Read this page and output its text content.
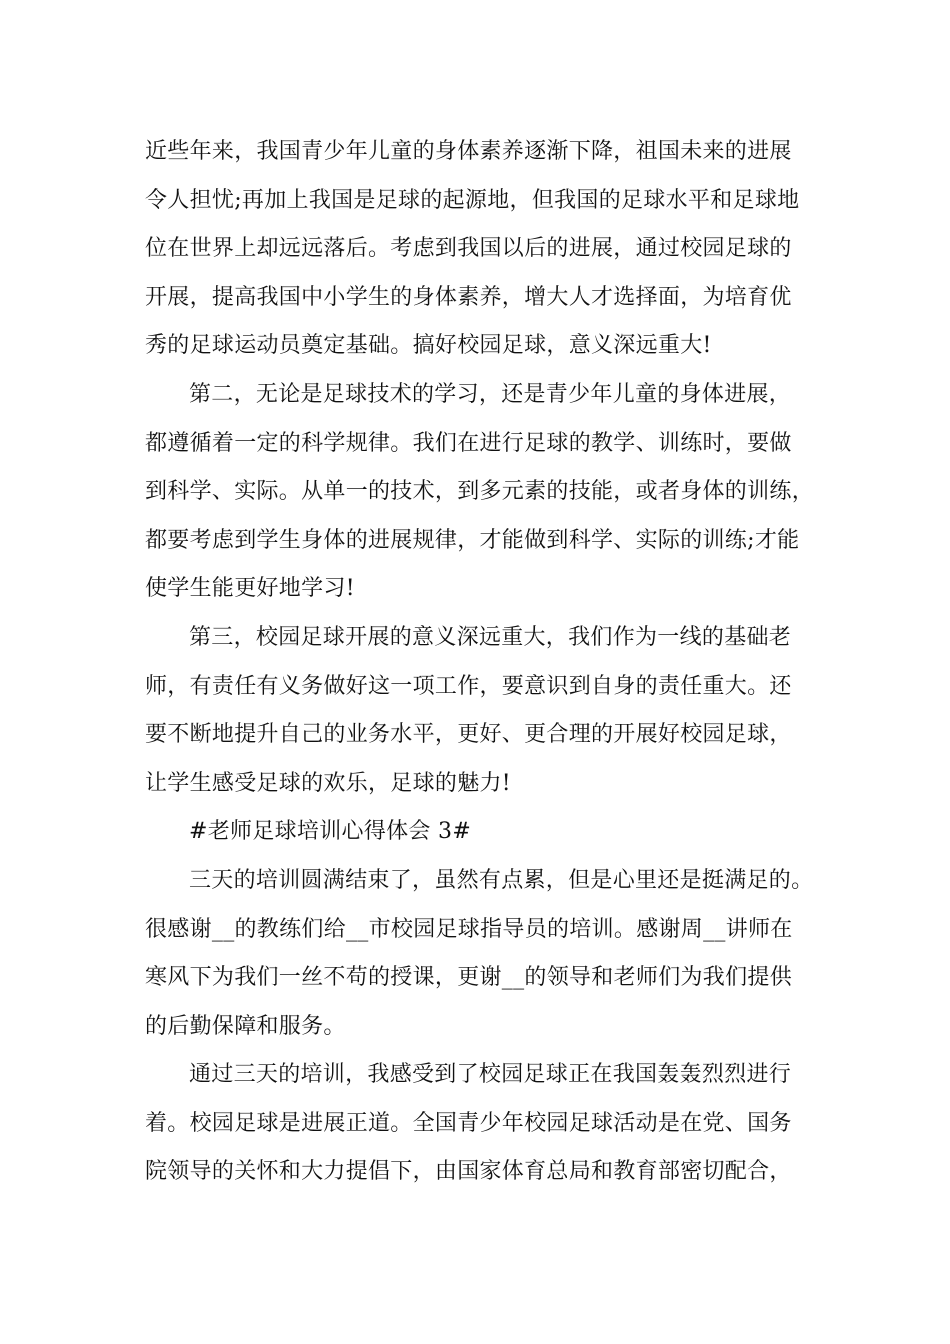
近些年来，我国青少年儿童的身体素养逐渐下降，祖国未来的进展
令人担忧;再加上我国是足球的起源地，但我国的足球水平和足球地
位在世界上却远远落后。考虑到我国以后的进展，通过校园足球的
开展，提高我国中小学生的身体素养，增大人才选择面，为培育优
秀的足球运动员奠定基础。搞好校园足球，意义深远重大!
第二，无论是足球技术的学习，还是青少年儿童的身体进展，
都遵循着一定的科学规律。我们在进行足球的教学、训练时，要做
到科学、实际。从单一的技术，到多元素的技能，或者身体的训练，
都要考虑到学生身体的进展规律，才能做到科学、实际的训练;才能
使学生能更好地学习!
第三，校园足球开展的意义深远重大，我们作为一线的基础老
师，有责任有义务做好这一项工作，要意识到自身的责任重大。还
要不断地提升自己的业务水平，更好、更合理的开展好校园足球，
让学生感受足球的欢乐，足球的魅力!
#老师足球培训心得体会 3#
三天的培训圆满结束了，虽然有点累，但是心里还是挺满足的。
很感谢__的教练们给__市校园足球指导员的培训。感谢周__讲师在
寒风下为我们一丝不苟的授课，更谢__的领导和老师们为我们提供
的后勤保障和服务。
通过三天的培训，我感受到了校园足球正在我国轰轰烈烈进行
着。校园足球是进展正道。全国青少年校园足球活动是在党、国务
院领导的关怀和大力提倡下，由国家体育总局和教育部密切配合，
